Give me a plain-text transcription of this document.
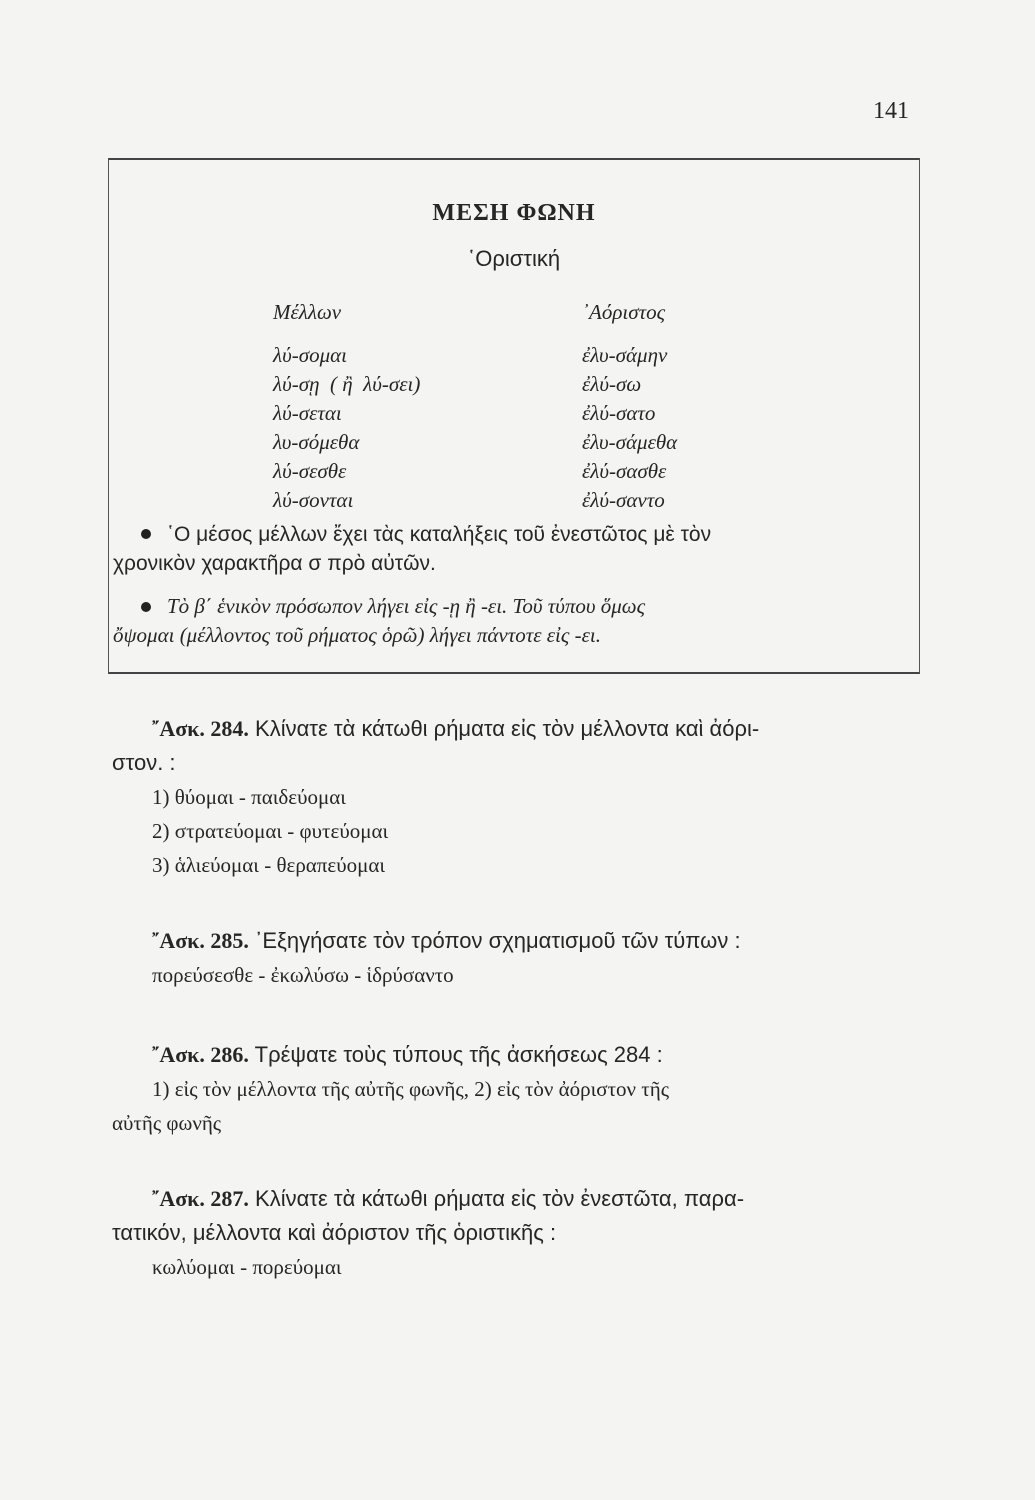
141
ΜΕΣΗ ΦΩΝΗ
῾Οριστική
Μέλλων
λύ-σομαι
λύ-σῃ  ( ἢ  λύ-σει)
λύ-σεται
λυ-σόμεθα
λύ-σεσθε
λύ-σονται
᾿Αόριστος
ἐλυ-σάμην
ἐλύ-σω
ἐλύ-σατο
ἐλυ-σάμεθα
ἐλύ-σασθε
ἐλύ-σαντο
῾Ο μέσος μέλλων ἔχει τὰς καταλήξεις τοῦ ἐνεστῶτος μὲ τὸν
χρονικὸν χαρακτῆρα σ πρὸ αὐτῶν.
Τὸ β΄ ἑνικὸν πρόσωπον λήγει εἰς -ῃ ἢ -ει. Τοῦ τύπου ὅμως
ὄψομαι (μέλλοντος τοῦ ρήματος ὁρῶ) λήγει πάντοτε εἰς -ει.
῎Ασκ. 284. Κλίνατε τὰ κάτωθι ρήματα εἰς τὸν μέλλοντα καὶ ἀόρι-
στον. :
1) θύομαι - παιδεύομαι
2) στρατεύομαι - φυτεύομαι
3) ἁλιεύομαι - θεραπεύομαι
῎Ασκ. 285. ᾿Εξηγήσατε τὸν τρόπον σχηματισμοῦ τῶν τύπων :
πορεύσεσθε - ἐκωλύσω - ἱδρύσαντο
῎Ασκ. 286. Τρέψατε τοὺς τύπους τῆς ἀσκήσεως 284 :
1) εἰς τὸν μέλλοντα τῆς αὐτῆς φωνῆς, 2) εἰς τὸν ἀόριστον τῆς
αὐτῆς φωνῆς
῎Ασκ. 287. Κλίνατε τὰ κάτωθι ρήματα εἰς τὸν ἐνεστῶτα, παρα-
τατικόν, μέλλοντα καὶ ἀόριστον τῆς ὁριστικῆς :
κωλύομαι - πορεύομαι
